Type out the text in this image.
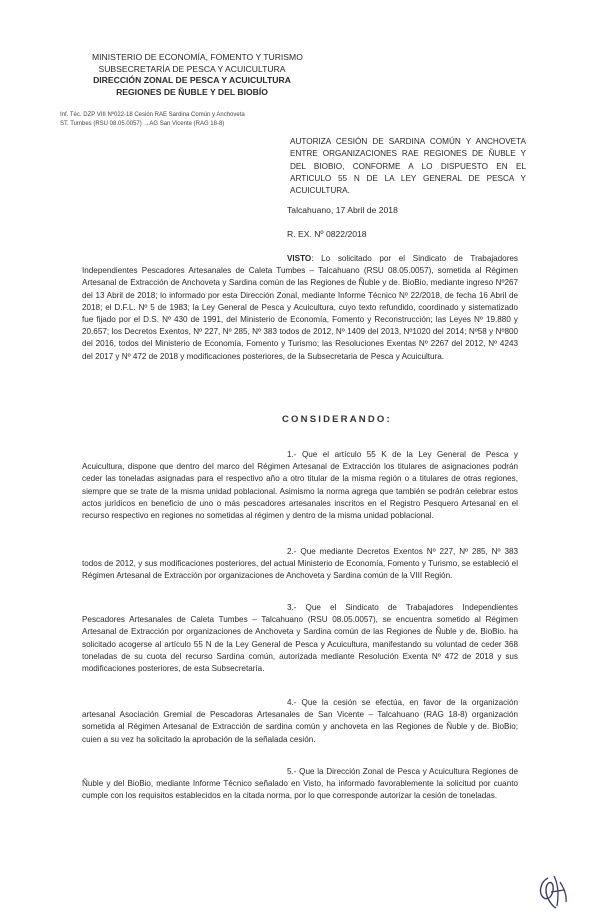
MINISTERIO DE ECONOMÍA, FOMENTO Y TURISMO
SUBSECRETARÍA DE PESCA Y ACUICULTURA
DIRECCIÓN ZONAL DE PESCA Y ACUICULTURA
REGIONES DE ÑUBLE Y DEL BIOBÍO
Inf. Téc. DZP VIII Nº022-18 Cesión RAE Sardina Común y Anchoveta
ST. Tumbes (RSU 08.05.0057) →AG San Vicente (RAG 18-8)
AUTORIZA CESIÓN DE SARDINA COMÚN Y ANCHOVETA ENTRE ORGANIZACIONES RAE REGIONES DE ÑUBLE Y DEL BIOBIO, CONFORME A LO DISPUESTO EN EL ARTICULO 55 N DE LA LEY GENERAL DE PESCA Y ACUICULTURA.
Talcahuano, 17 Abril de 2018
R. EX. Nº 0822/2018
VISTO: Lo solicitado por el Sindicato de Trabajadores Independientes Pescadores Artesanales de Caleta Tumbes – Talcahuano (RSU 08.05.0057), sometida al Régimen Artesanal de Extracción de Anchoveta y Sardina común de las Regiones de Ñuble y de. BioBio, mediante ingreso Nº267 del 13 Abril de 2018; lo informado por esta Dirección Zonal, mediante Informe Técnico Nº 22/2018, de fecha 16 Abril de 2018; el D.F.L. Nº 5 de 1983; la Ley General de Pesca y Acuicultura, cuyo texto refundido, coordinado y sistematizado fue fijado por el D.S. Nº 430 de 1991, del Ministerio de Economía, Fomento y Reconstrucción; las Leyes Nº 19.880 y 20.657; los Decretos Exentos, Nº 227, Nº 285, Nº 383 todos de 2012, Nº 1409 del 2013, Nº1020 del 2014; Nº58 y Nº800 del 2016, todos del Ministerio de Economía, Fomento y Turismo; las Resoluciones Exentas Nº 2267 del 2012, Nº 4243 del 2017 y Nº 472 de 2018 y modificaciones posteriores, de la Subsecretaria de Pesca y Acuicultura.
CONSIDERANDO:
1.- Que el artículo 55 K de la Ley General de Pesca y Acuicultura, dispone que dentro del marco del Régimen Artesanal de Extracción los titulares de asignaciones podrán ceder las toneladas asignadas para el respectivo año a otro titular de la misma región o a titulares de otras regiones, siempre que se trate de la misma unidad poblacional. Asimismo la norma agrega que también se podrán celebrar estos actos jurídicos en beneficio de uno o más pescadores artesanales inscritos en el Registro Pesquero Artesanal en el recurso respectivo en regiones no sometidas al régimen y dentro de la misma unidad poblacional.
2.- Que mediante Decretos Exentos Nº 227, Nº 285, Nº 383 todos de 2012, y sus modificaciones posteriores, del actual Ministerio de Economía, Fomento y Turismo, se estableció el Régimen Artesanal de Extracción por organizaciones de Anchoveta y Sardina común de la VIII Región.
3.- Que el Sindicato de Trabajadores Independientes Pescadores Artesanales de Caleta Tumbes – Talcahuano (RSU 08.05.0057), se encuentra sometido al Régimen Artesanal de Extracción por organizaciones de Anchoveta y Sardina común de las Regiones de Ñuble y de. BioBio. ha solicitado acogerse al artículo 55 N de la Ley General de Pesca y Acuicultura, manifestando su voluntad de ceder 368 toneladas de su cuota del recurso Sardina común, autorizada mediante Resolución Exenta Nº 472 de 2018 y sus modificaciones posteriores, de esta Subsecretaría.
4.- Que la cesión se efectúa, en favor de la organización artesanal Asociación Gremial de Pescadoras Artesanales de San Vicente – Talcahuano (RAG 18-8) organización sometida al Régimen Artesanal de Extracción de sardina común y anchoveta en las Regiones de Ñuble y de. BioBio; cuien a su vez ha solicitado la aprobación de la señalada cesión.
5.- Que la Dirección Zonal de Pesca y Acuicultura Regiones de Ñuble y del BioBio, mediante Informe Técnico señalado en Visto, ha informado favorablemente la solicitud por cuanto cumple con los requisitos establecidos en la citada norma, por lo que corresponde autorizar la cesión de toneladas.
